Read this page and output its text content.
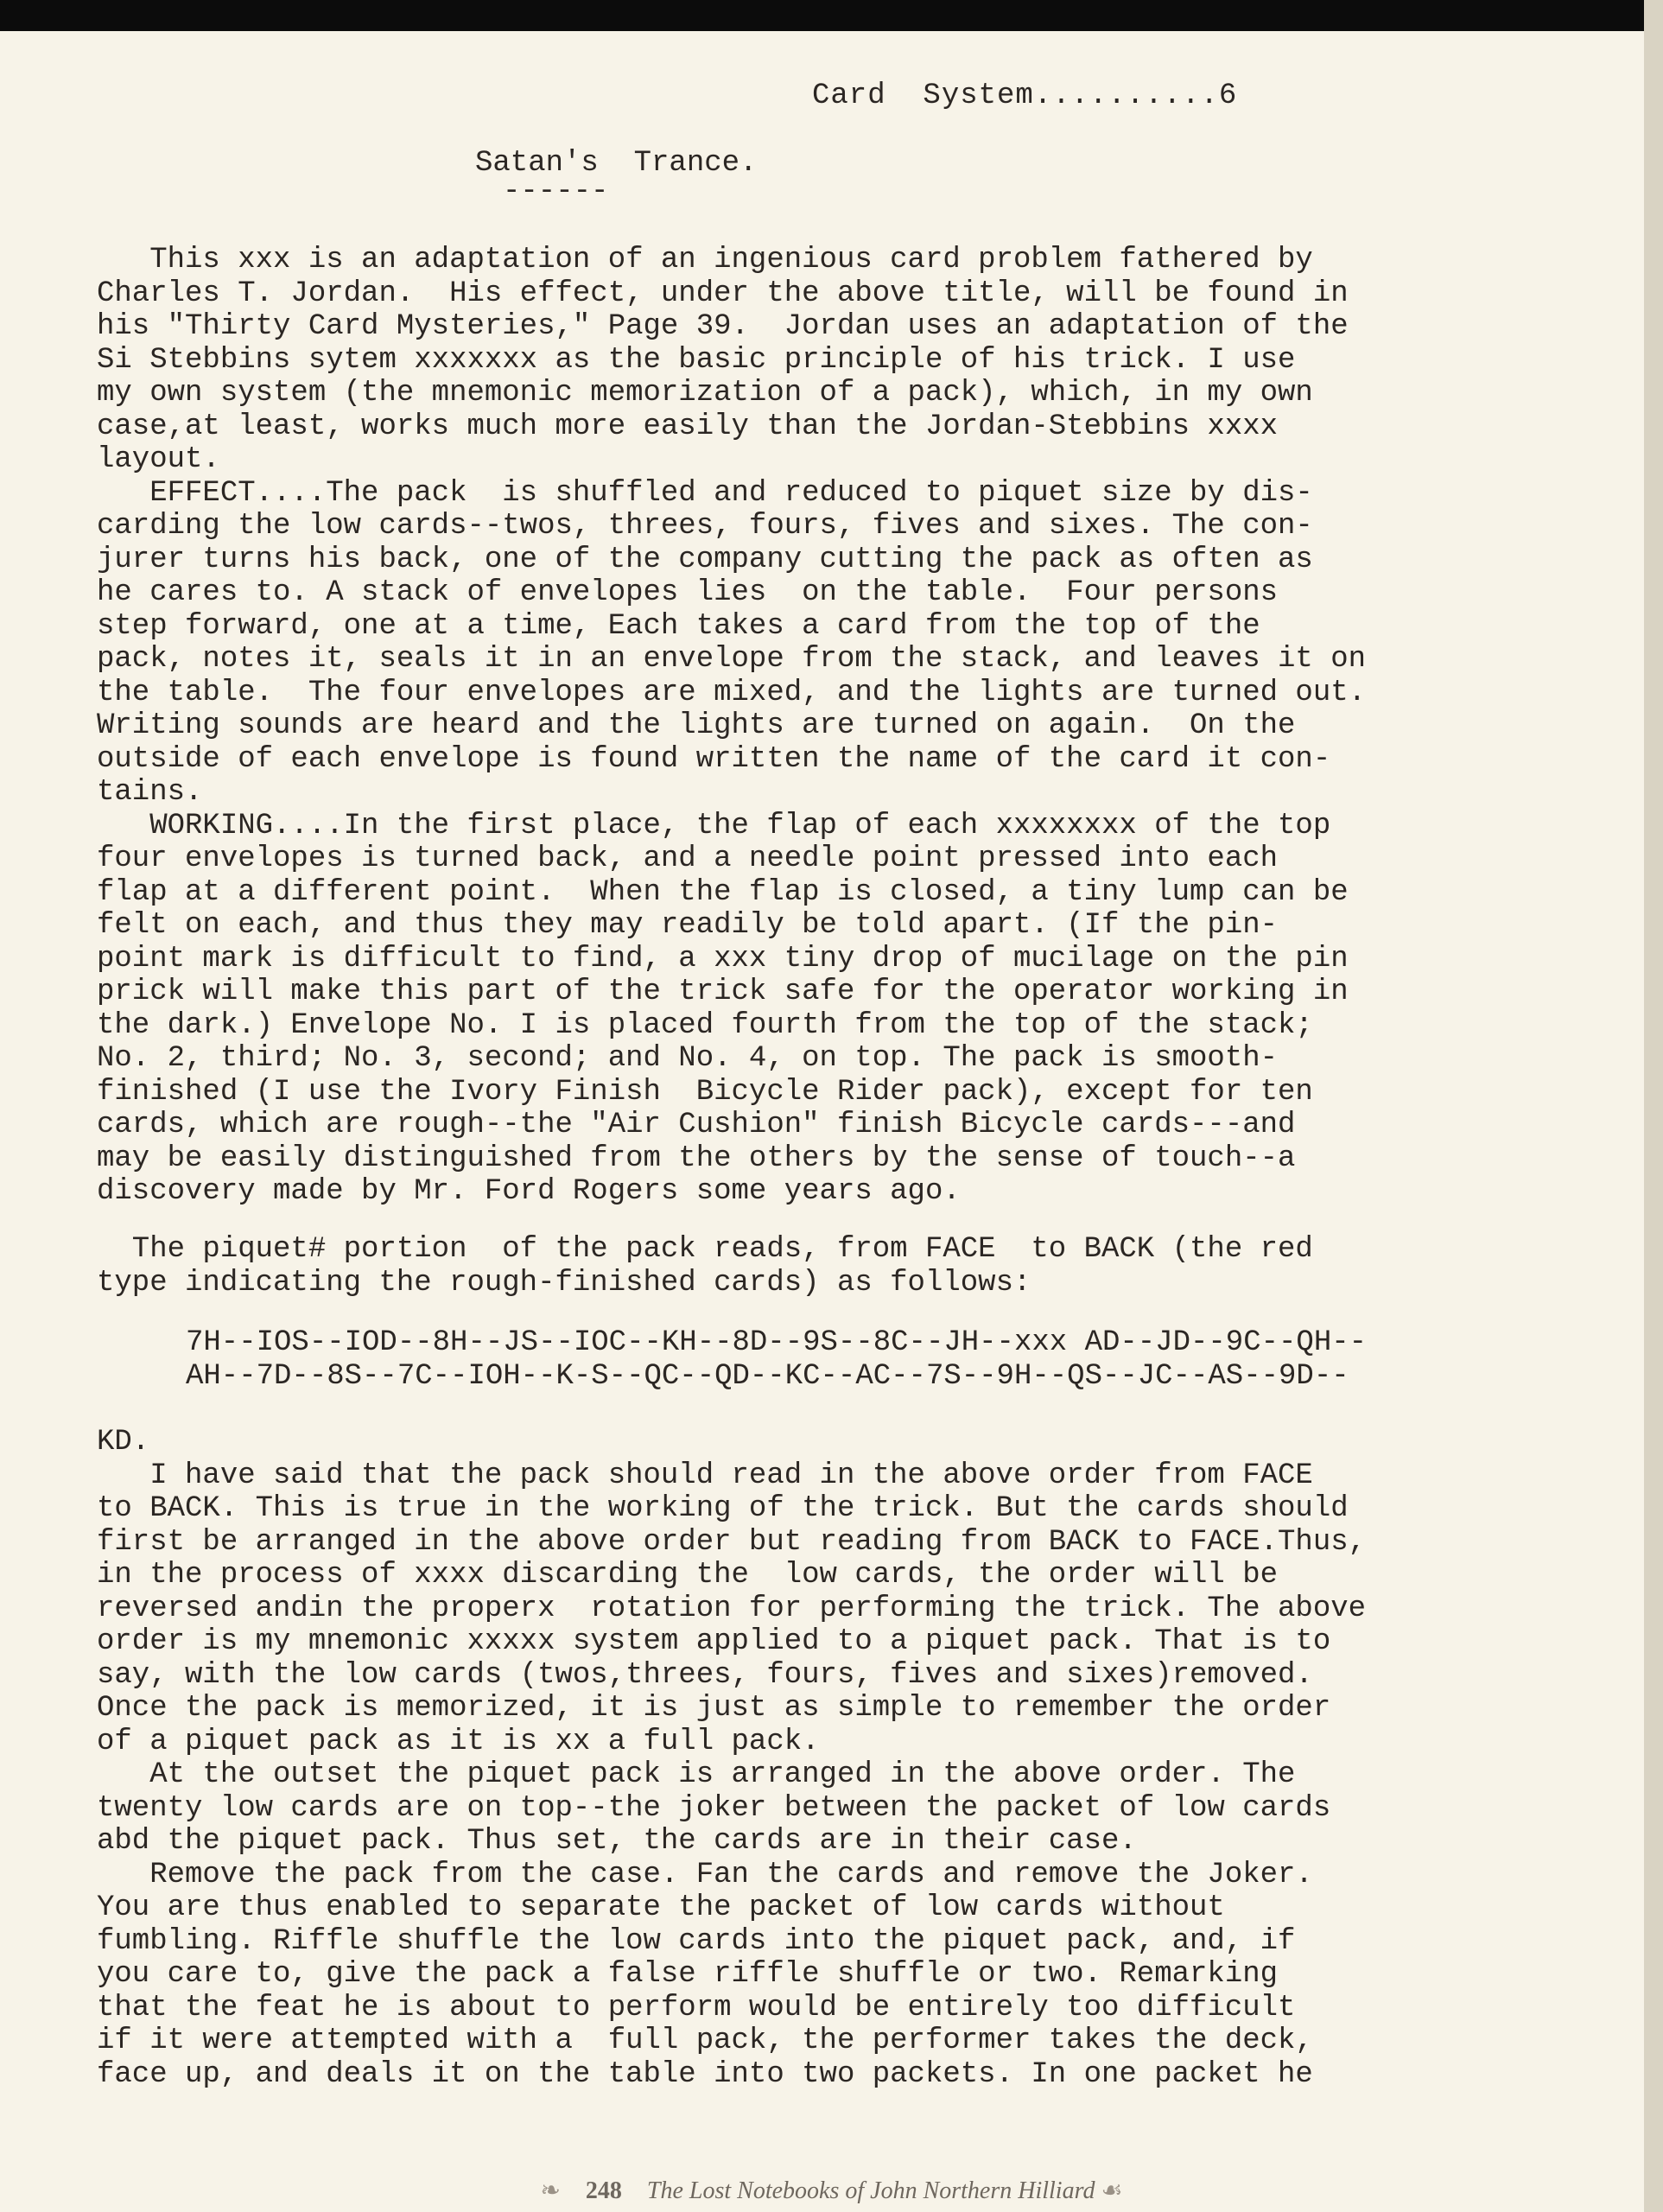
Card  System..........6
Satan's  Trance.
------
This xxx is an adaptation of an ingenious card problem fathered by
Charles T. Jordan.  His effect, under the above title, will be found in
his "Thirty Card Mysteries," Page 39.  Jordan uses an adaptation of the
Si Stebbins sytem xxxxxxx as the basic principle of his trick. I use
my own system (the mnemonic memorization of a pack), which, in my own
case,at least, works much more easily than the Jordan-Stebbins xxxx
layout.
EFFECT....The pack  is shuffled and reduced to piquet size by dis-
carding the low cards--twos, threes, fours, fives and sixes. The con-
jurer turns his back, one of the company cutting the pack as often as
he cares to. A stack of envelopes lies  on the table.  Four persons
step forward, one at a time, Each takes a card from the top of the
pack, notes it, seals it in an envelope from the stack, and leaves it on
the table.  The four envelopes are mixed, and the lights are turned out.
Writing sounds are heard and the lights are turned on again.  On the
outside of each envelope is found written the name of the card it con-
tains.
WORKING....In the first place, the flap of each xxxxxxxx of the top
four envelopes is turned back, and a needle point pressed into each
flap at a different point.  When the flap is closed, a tiny lump can be
felt on each, and thus they may readily be told apart. (If the pin-
point mark is difficult to find, a xxx tiny drop of mucilage on the pin
prick will make this part of the trick safe for the operator working in
the dark.) Envelope No. I is placed fourth from the top of the stack;
No. 2, third; No. 3, second; and No. 4, on top. The pack is smooth-
finished (I use the Ivory Finish  Bicycle Rider pack), except for ten
cards, which are rough--the "Air Cushion" finish Bicycle cards---and
may be easily distinguished from the others by the sense of touch--a
discovery made by Mr. Ford Rogers some years ago.
The piquet# portion  of the pack reads, from FACE  to BACK (the red
type indicating the rough-finished cards) as follows:
7H--IOS--IOD--8H--JS--IOC--KH--8D--9S--8C--JH--xxx AD--JD--9C--QH--
AH--7D--8S--7C--IOH--K-S--QC--QD--KC--AC--7S--9H--QS--JC--AS--9D--
KD.
I have said that the pack should read in the above order from FACE
to BACK. This is true in the working of the trick. But the cards should
first be arranged in the above order but reading from BACK to FACE.Thus,
in the process of xxxx discarding the  low cards, the order will be
reversed andin the properx  rotation for performing the trick. The above
order is my mnemonic xxxxx system applied to a piquet pack. That is to
say, with the low cards (twos,threes, fours, fives and sixes)removed.
Once the pack is memorized, it is just as simple to remember the order
of a piquet pack as it is xx a full pack.
At the outset the piquet pack is arranged in the above order. The
twenty low cards are on top--the joker between the packet of low cards
abd the piquet pack. Thus set, the cards are in their case.
Remove the pack from the case. Fan the cards and remove the Joker.
You are thus enabled to separate the packet of low cards without
fumbling. Riffle shuffle the low cards into the piquet pack, and, if
you care to, give the pack a false riffle shuffle or two. Remarking
that the feat he is about to perform would be entirely too difficult
if it were attempted with a  full pack, the performer takes the deck,
face up, and deals it on the table into two packets. In one packet he
❧ 248 The Lost Notebooks of John Northern Hilliard ☙
